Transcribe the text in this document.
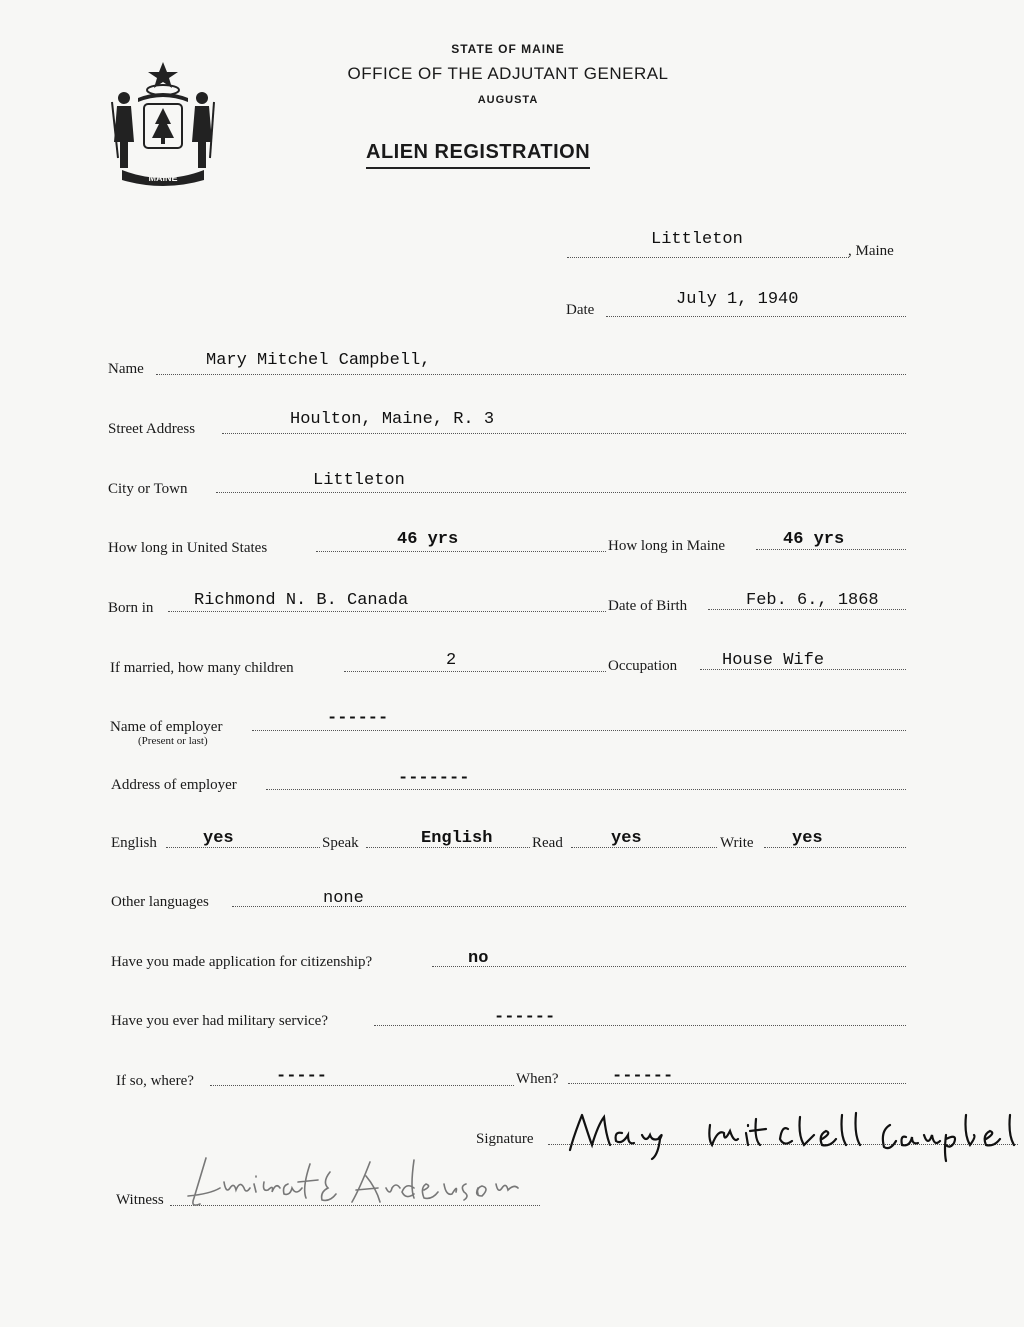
MAINE
STATE OF MAINE
OFFICE OF THE ADJUTANT GENERAL
AUGUSTA
ALIEN REGISTRATION
Littleton
, Maine
Date
July 1, 1940
Name	Mary Mitchel Campbell,
Street Address	Houlton, Maine, R. 3
City or Town	Littleton
How long in United States	46 yrs	How long in Maine	46 yrs
Born in Richmond N. B. Canada	Date of Birth	Feb. 6., 1868
If married, how many children	2	Occupation	House Wife
Name of employer
(Present or last)
------
Address of employer	-------
English	yes	Speak	English	Read	yes	Write yes
Other languages	none
Have you made application for citizenship?	no
Have you ever had military service?	------
If so, where?	-----	When?	------
Signature
Witness
